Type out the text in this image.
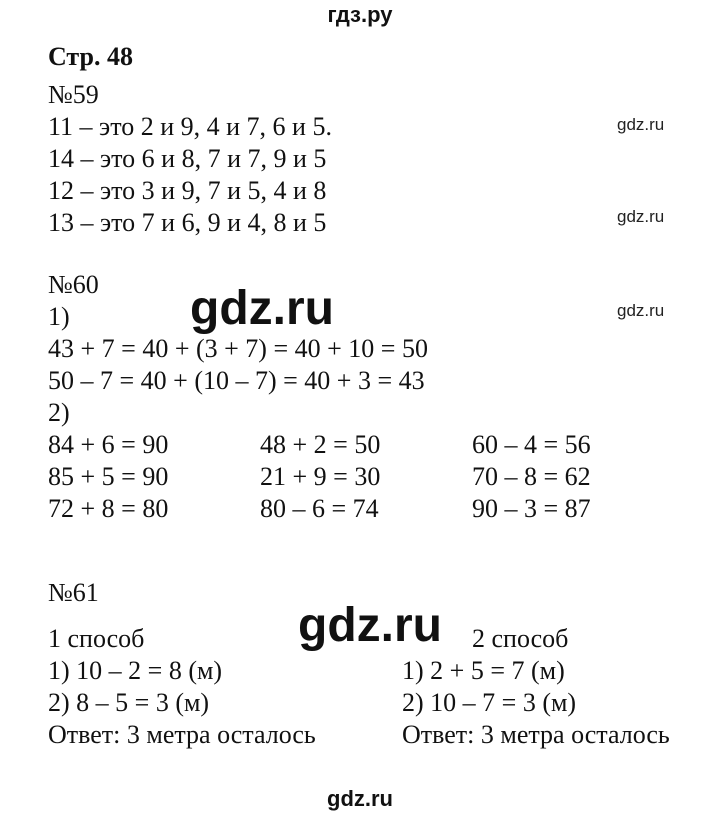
гдз.ру
Стр. 48
№59
11 – это 2 и 9, 4 и 7, 6 и 5.
14 – это 6 и 8, 7 и 7, 9 и 5
12 – это 3 и 9, 7 и 5, 4 и 8
13 – это 7 и 6, 9 и 4, 8 и 5
gdz.ru
gdz.ru
gdz.ru
№60
1)	gdz.ru
43 + 7 = 40 + (3 + 7) = 40 + 10 = 50
50 – 7 = 40 + (10 – 7) = 40 + 3 = 43
2)
84 + 6 = 90	48 + 2 = 50	60 – 4 = 56
85 + 5 = 90	21 + 9 = 30	70 – 8 = 62
72 + 8 = 80	80 – 6 = 74	90 – 3 = 87
№61
1 способ	2 способ
gdz.ru
1) 10 – 2 = 8 (м)	1) 2 + 5 = 7 (м)
2) 8 – 5 = 3 (м)	2) 10 – 7 = 3 (м)
Ответ: 3 метра осталось	Ответ: 3 метра осталось
gdz.ru
